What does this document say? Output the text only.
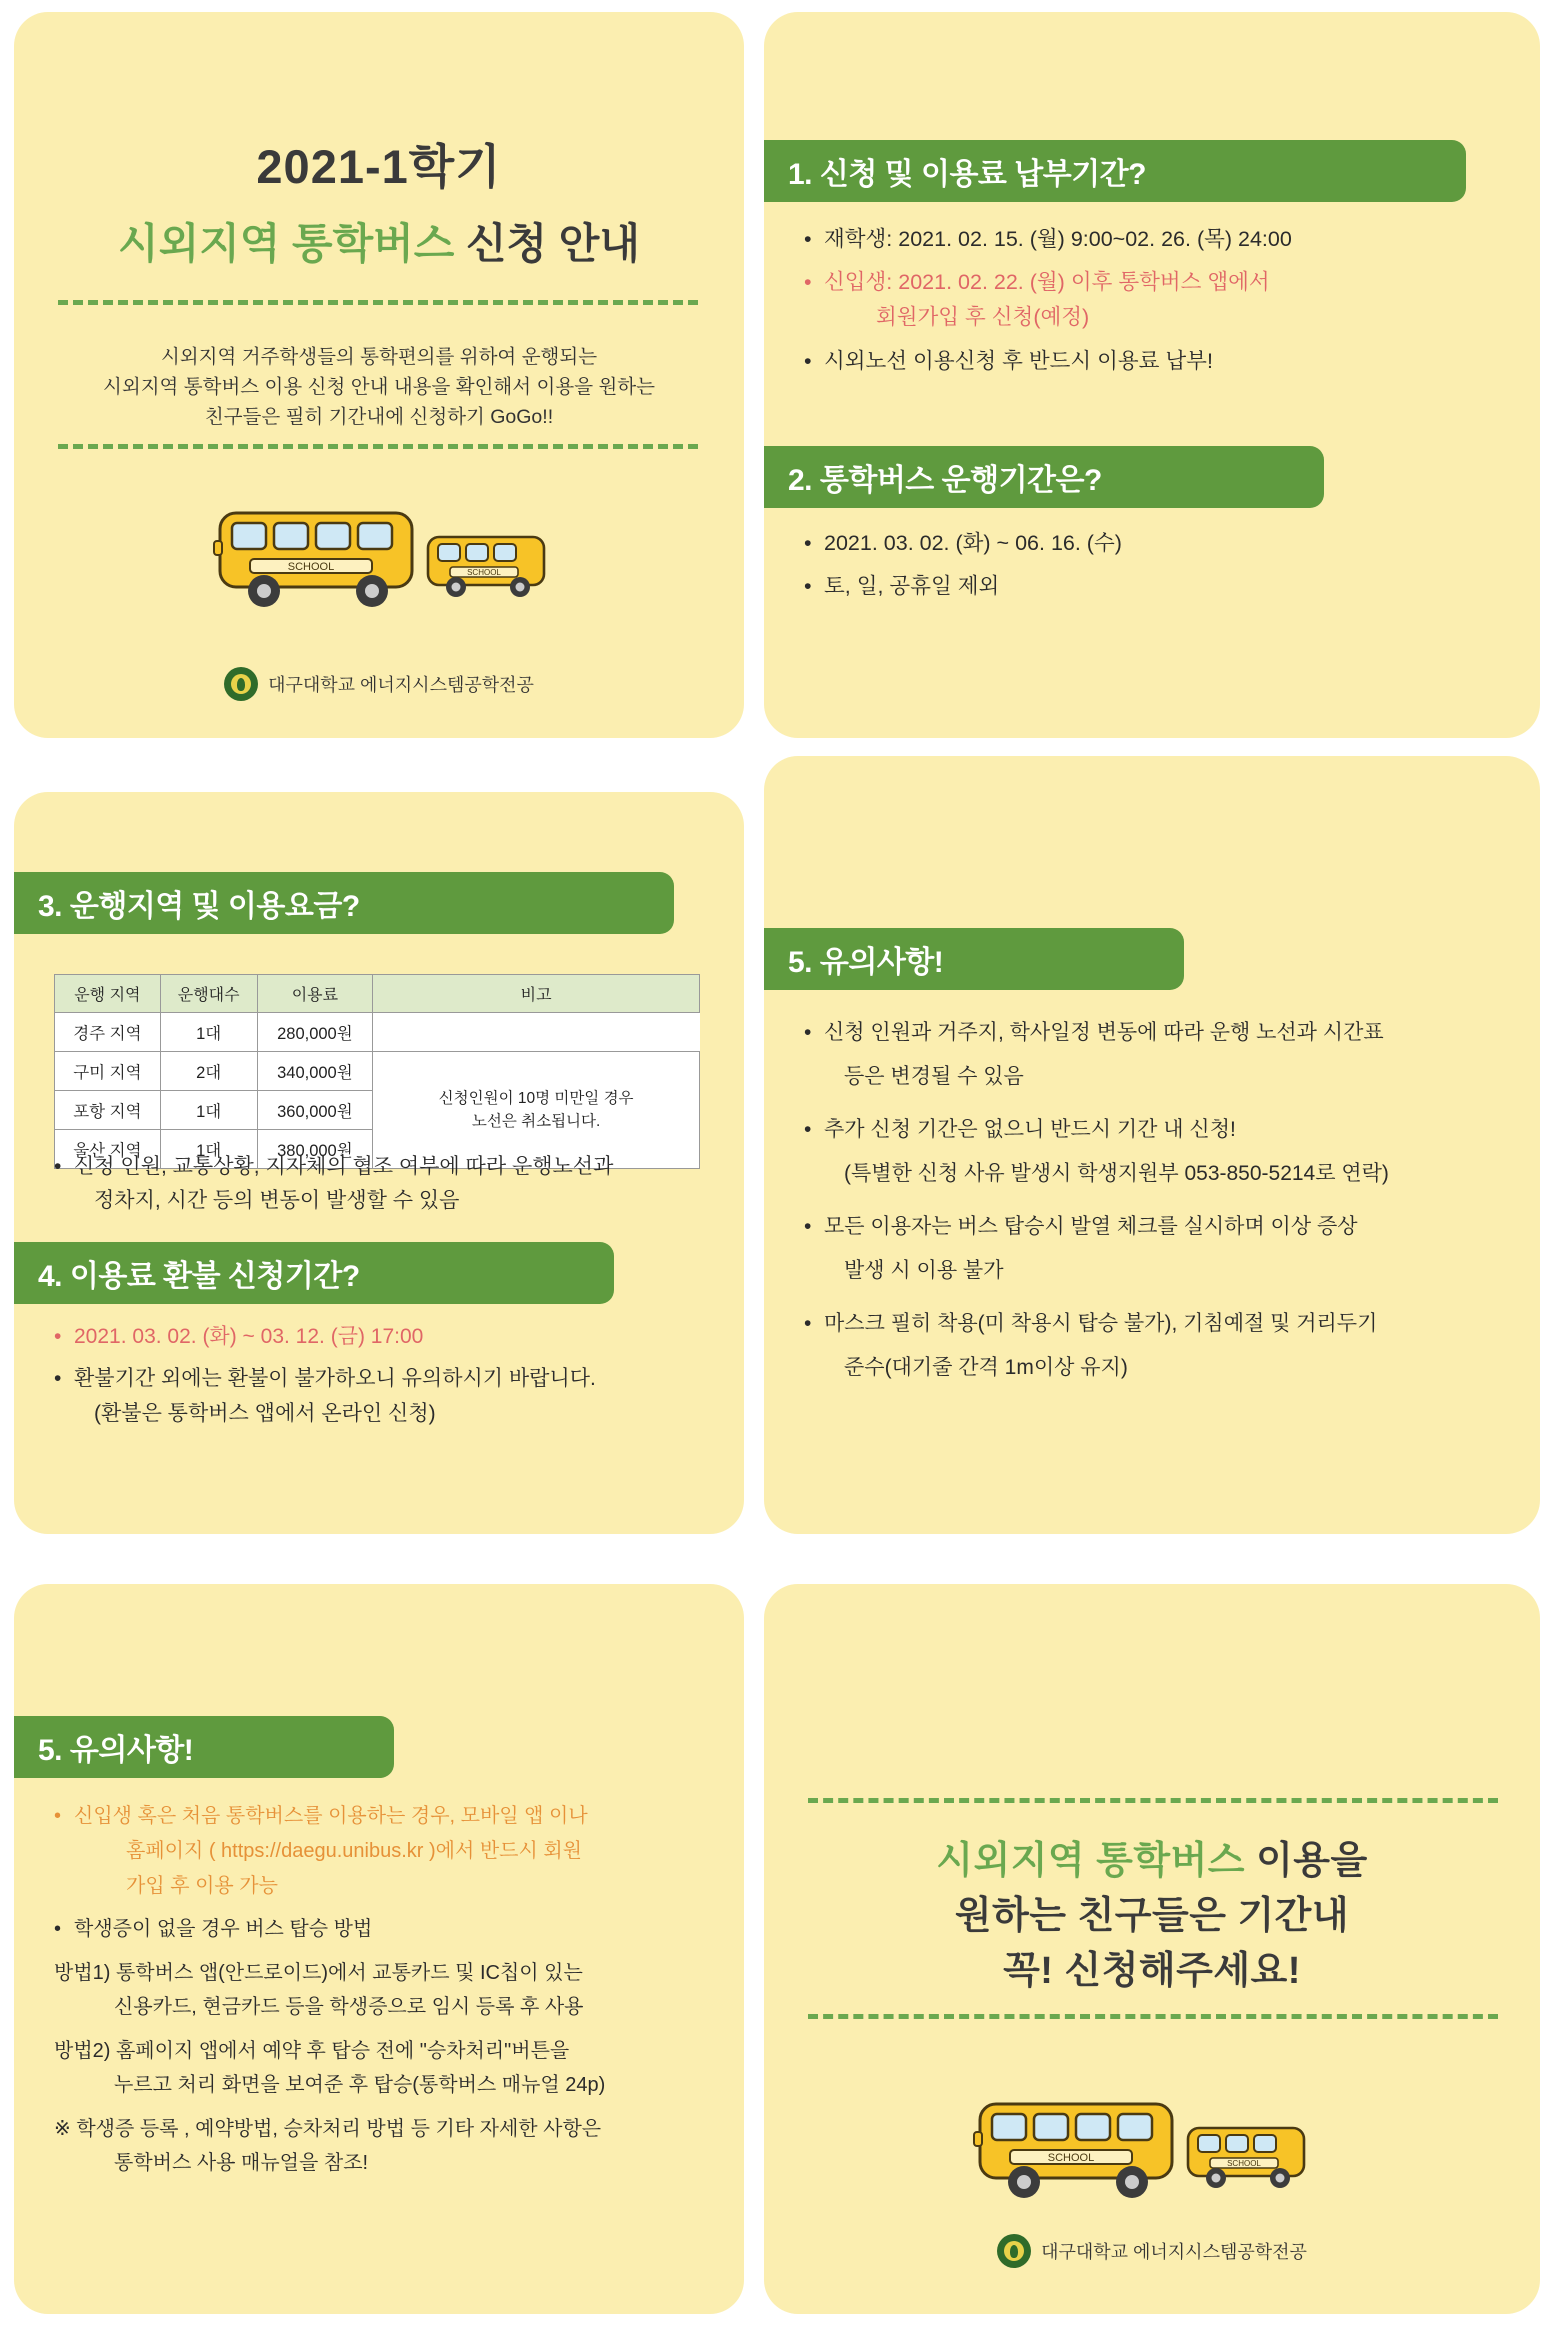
2021-1학기
시외지역 통학버스 신청 안내
시외지역 거주학생들의 통학편의를 위하여 운행되는
시외지역 통학버스 이용 신청 안내 내용을 확인해서 이용을 원하는
친구들은 필히 기간내에 신청하기 GoGo!!
SCHOOL	SCHOOL
대구대학교 에너지시스템공학전공
1. 신청 및 이용료 납부기간?
• 재학생: 2021. 02. 15. (월) 9:00~02. 26. (목) 24:00
• 신입생: 2021. 02. 22. (월) 이후 통학버스 앱에서
회원가입 후 신청(예정)
• 시외노선 이용신청 후 반드시 이용료 납부!
2. 통학버스 운행기간은?
• 2021. 03. 02. (화) ~ 06. 16. (수)
• 토, 일, 공휴일 제외
3. 운행지역 및 이용요금?
운행 지역	운행대수	이용료	비고
경주 지역	1대	280,000원	
구미 지역	2대	340,000원	신청인원이 10명 미만일 경우
노선은 취소됩니다.

포항 지역	1대	360,000원	
울산 지역	1대	380,000원	
• 신청 인원, 교통상황, 지자체의 협조 여부에 따라 운행노선과
정차지, 시간 등의 변동이 발생할 수 있음
4. 이용료 환불 신청기간?
• 2021. 03. 02. (화) ~ 03. 12. (금) 17:00
• 환불기간 외에는 환불이 불가하오니 유의하시기 바랍니다.
(환불은 통학버스 앱에서 온라인 신청)
5. 유의사항!
• 신청 인원과 거주지, 학사일정 변동에 따라 운행 노선과 시간표
등은 변경될 수 있음
• 추가 신청 기간은 없으니 반드시 기간 내 신청!
(특별한 신청 사유 발생시 학생지원부 053-850-5214로 연락)
• 모든 이용자는 버스 탑승시 발열 체크를 실시하며 이상 증상
발생 시 이용 불가
• 마스크 필히 착용(미 착용시 탑승 불가), 기침예절 및 거리두기
준수(대기줄 간격 1m이상 유지)
5. 유의사항!
• 신입생 혹은 처음 통학버스를 이용하는 경우, 모바일 앱 이나
홈페이지 ( https://daegu.unibus.kr )에서 반드시 회원
가입 후 이용 가능
• 학생증이 없을 경우 버스 탑승 방법
방법1) 통학버스 앱(안드로이드)에서 교통카드 및 IC칩이 있는
신용카드, 현금카드 등을 학생증으로 임시 등록 후 사용
방법2) 홈페이지 앱에서 예약 후 탑승 전에 "승차처리"버튼을
누르고 처리 화면을 보여준 후 탑승(통학버스 매뉴얼 24p)
※ 학생증 등록 , 예약방법, 승차처리 방법 등 기타 자세한 사항은
통학버스 사용 매뉴얼을 참조!
시외지역 통학버스 이용을
원하는 친구들은 기간내
꼭! 신청해주세요!
SCHOOL	SCHOOL
대구대학교 에너지시스템공학전공
